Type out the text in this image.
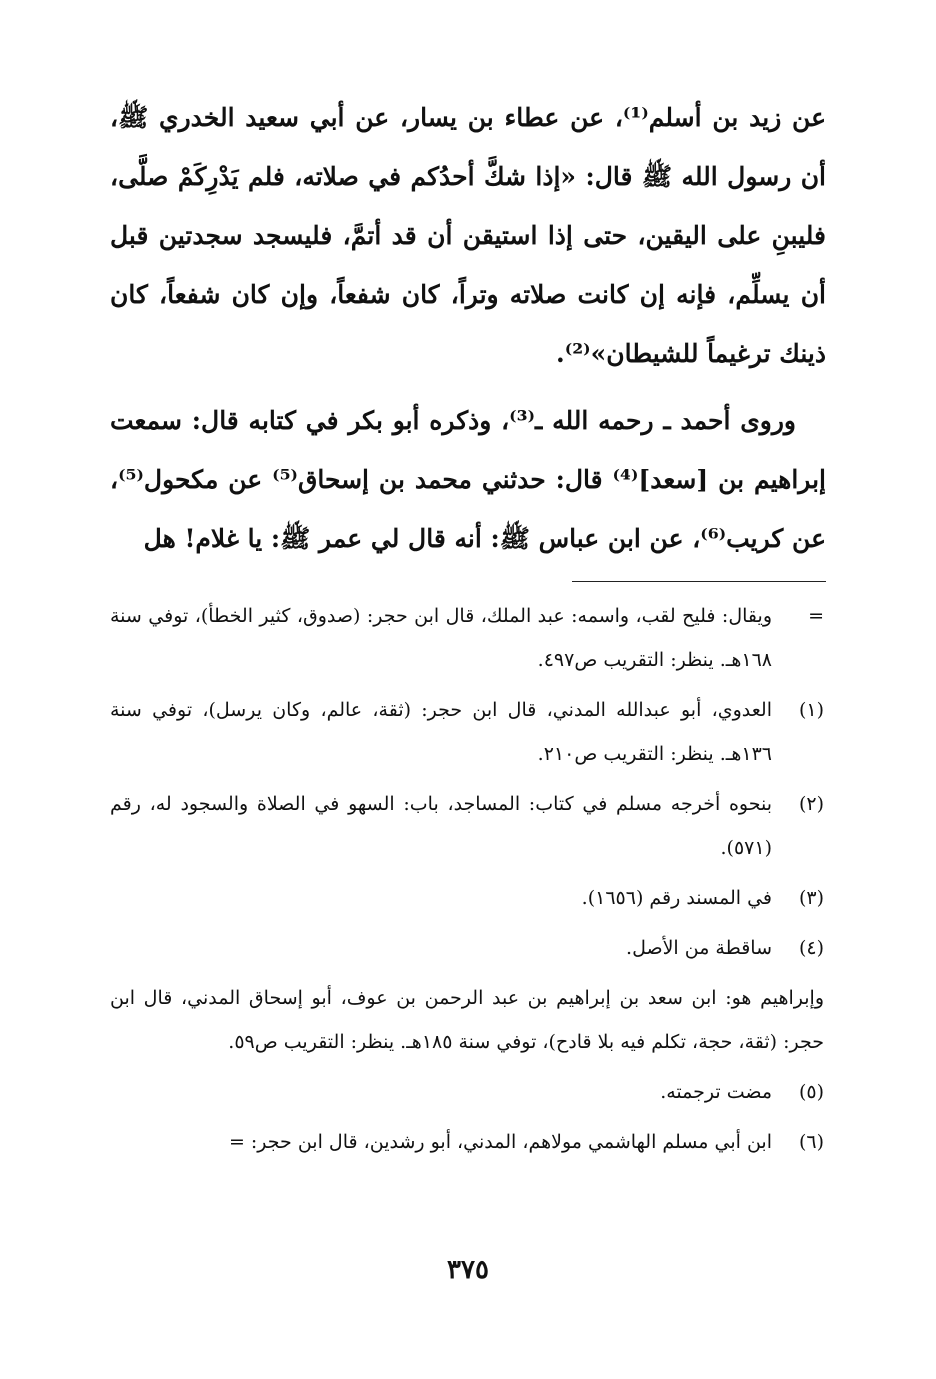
عن زيد بن أسلم⁽¹⁾، عن عطاء بن يسار، عن أبي سعيد الخدري ﷺ، أن رسول الله ﷺ قال: «إذا شكَّ أحدُكم في صلاته، فلم يَدْرِكَمْ صلَّى، فليبنِ على اليقين، حتى إذا استيقن أن قد أتمَّ، فليسجد سجدتين قبل أن يسلِّم، فإنه إن كانت صلاته وتراً، كان شفعاً، وإن كان شفعاً، كان ذينك ترغيماً للشيطان»⁽²⁾.

وروى أحمد ـ رحمه الله ـ⁽³⁾، وذكره أبو بكر في كتابه قال: سمعت إبراهيم بن [سعد]⁽⁴⁾ قال: حدثني محمد بن إسحاق⁽⁵⁾ عن مكحول⁽⁵⁾، عن كريب⁽⁶⁾، عن ابن عباس ﷺ: أنه قال لي عمر ﷺ: يا غلام! هل

=
ويقال: فليح لقب، واسمه: عبد الملك، قال ابن حجر: (صدوق، كثير الخطأ)، توفي سنة ١٦٨هـ. ينظر: التقريب ص٤٩٧.
(١)
العدوي، أبو عبدالله المدني، قال ابن حجر: (ثقة، عالم، وكان يرسل)، توفي سنة ١٣٦هـ. ينظر: التقريب ص٢١٠.
(٢)
بنحوه أخرجه مسلم في كتاب: المساجد، باب: السهو في الصلاة والسجود له، رقم (٥٧١).
(٣)
في المسند رقم (١٦٥٦).
(٤)
ساقطة من الأصل.
وإبراهيم هو: ابن سعد بن إبراهيم بن عبد الرحمن بن عوف، أبو إسحاق المدني، قال ابن حجر: (ثقة، حجة، تكلم فيه بلا قادح)، توفي سنة ١٨٥هـ. ينظر: التقريب ص٥٩.
(٥)
مضت ترجمته.
(٦)
ابن أبي مسلم الهاشمي مولاهم، المدني، أبو رشدين، قال ابن حجر: =
٣٧٥
